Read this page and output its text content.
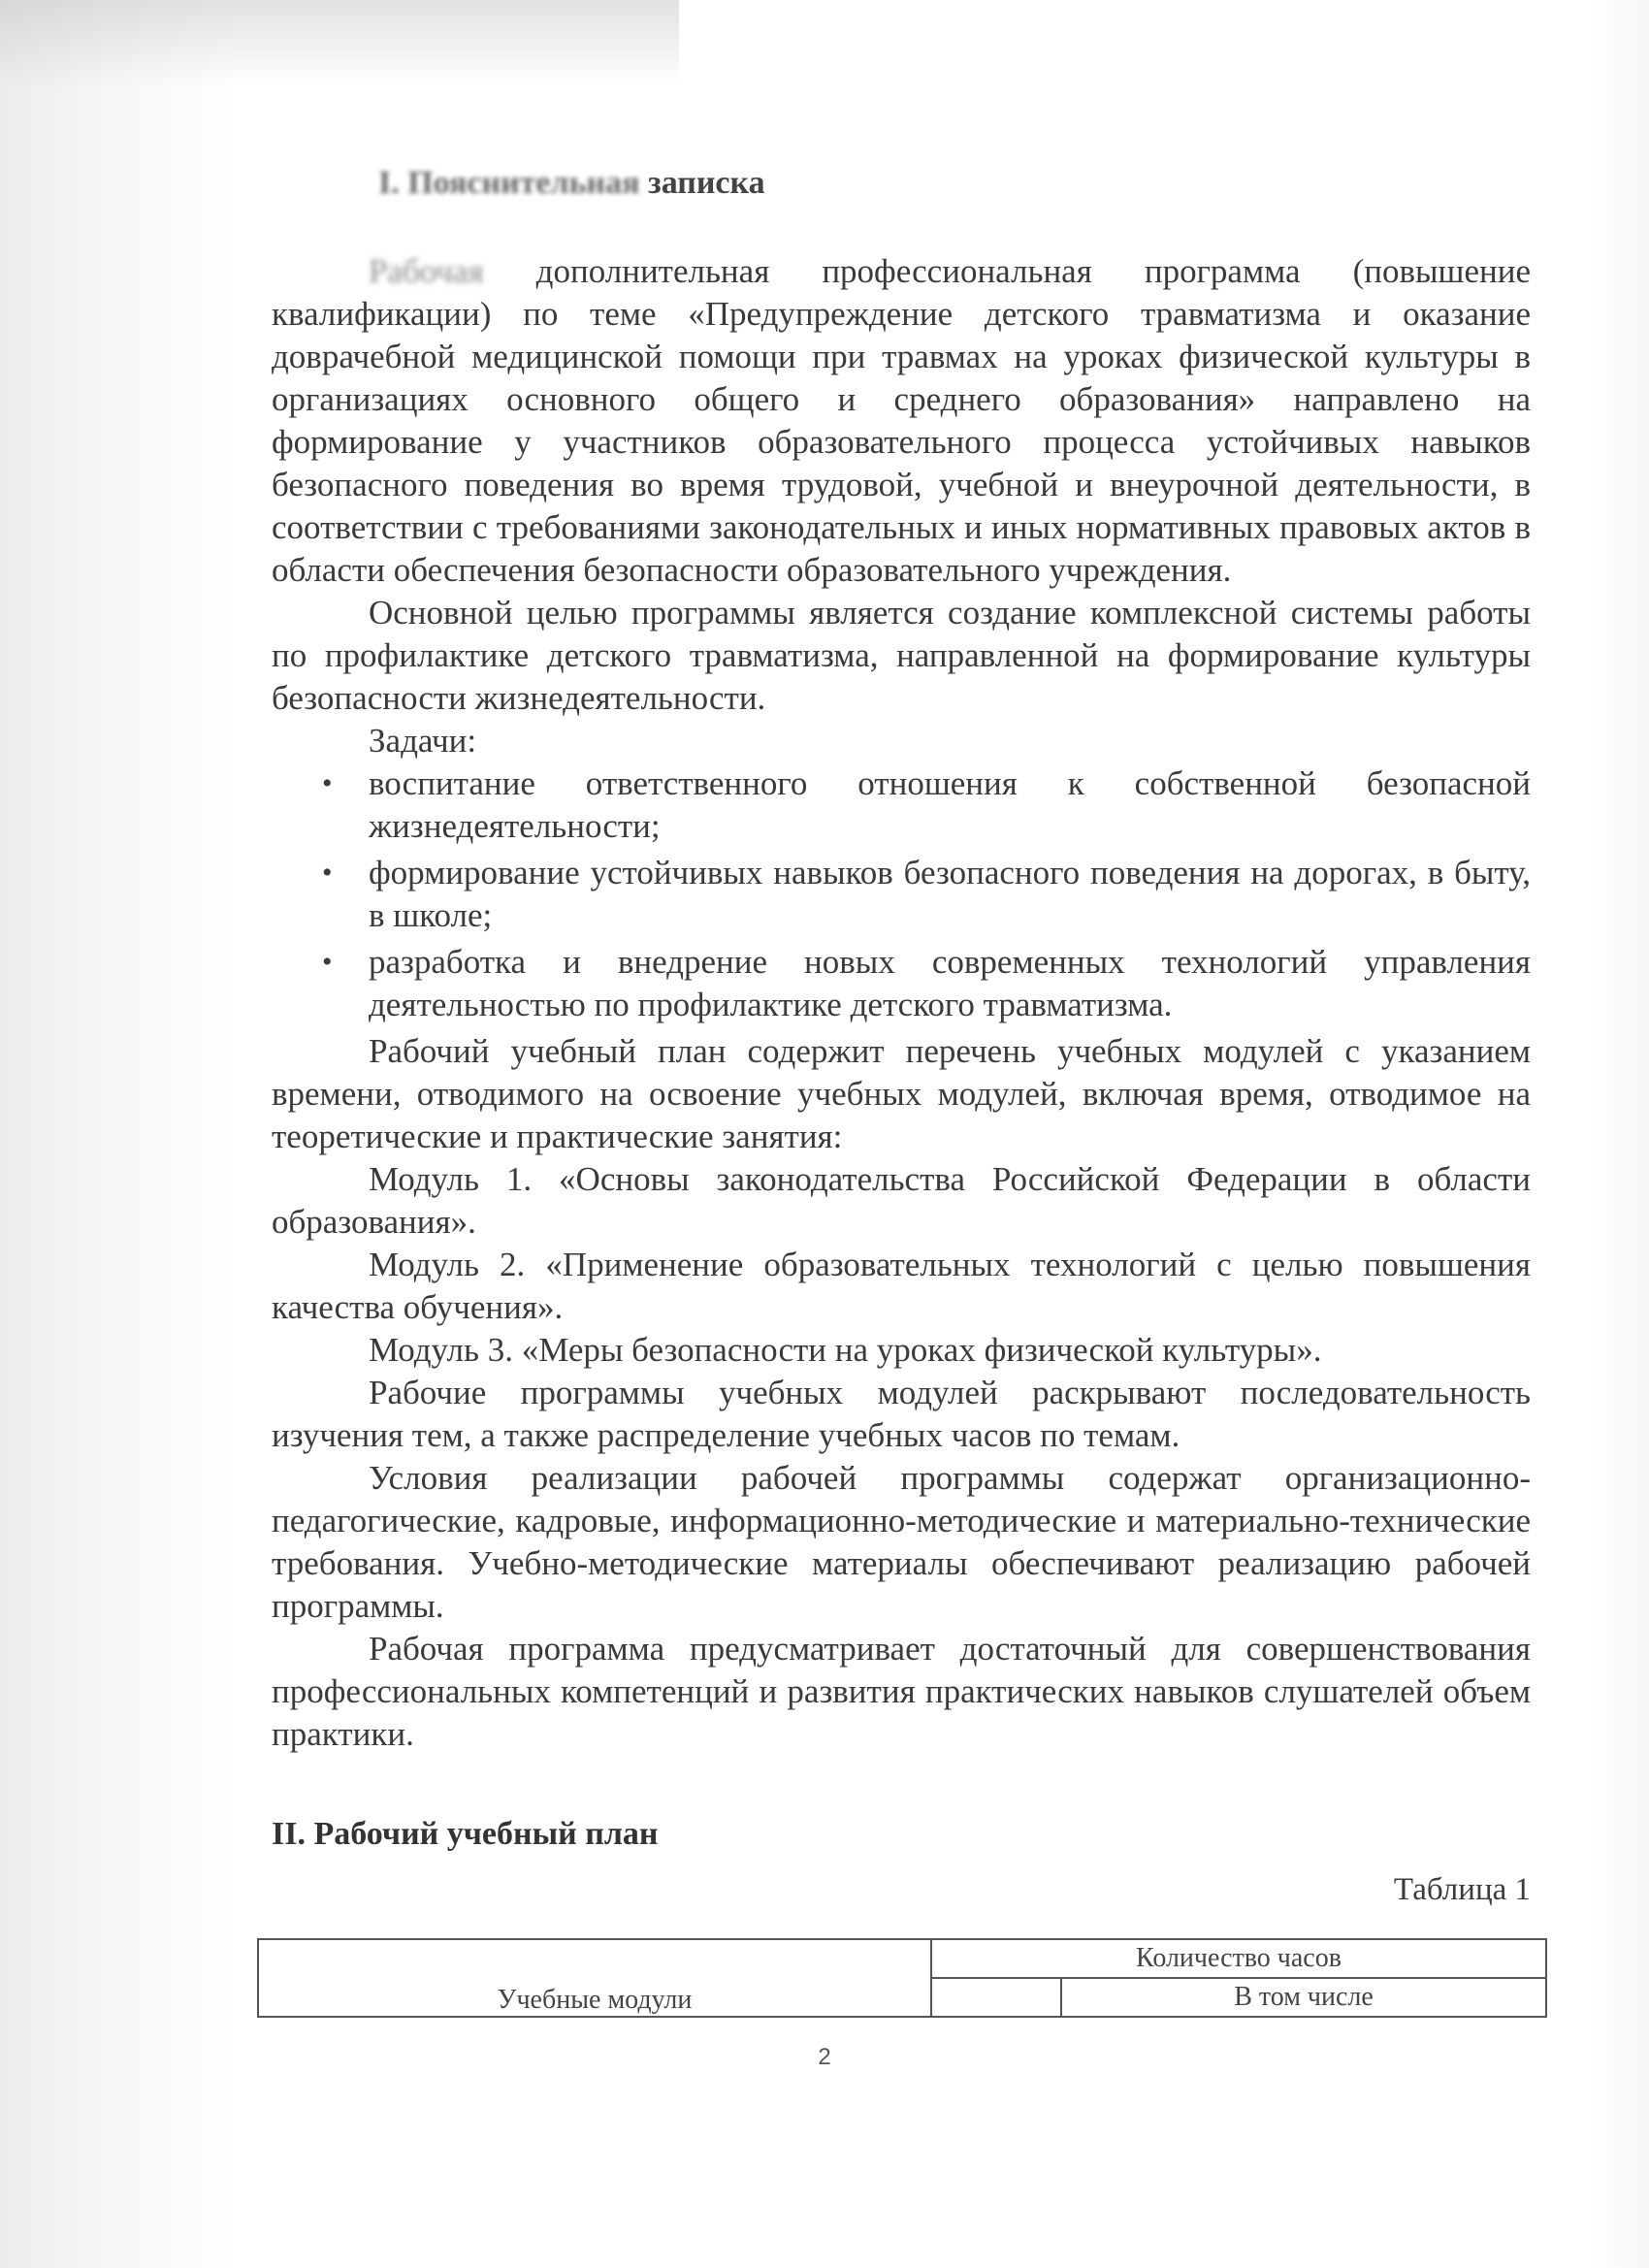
I. Пояснительная записка

Рабочая дополнительная профессиональная программа (повышение квалификации) по теме «Предупреждение детского травматизма и оказание доврачебной медицинской помощи при травмах на уроках физической культуры в организациях основного общего и среднего образования» направлено на формирование у участников образовательного процесса устойчивых навыков безопасного поведения во время трудовой, учебной и внеурочной деятельности, в соответствии с требованиями законодательных и иных нормативных правовых актов в области обеспечения безопасности образовательного учреждения.

Основной целью программы является создание комплексной системы работы по профилактике детского травматизма, направленной на формирование культуры безопасности жизнедеятельности.

Задачи:

• воспитание ответственного отношения к собственной безопасной жизнедеятельности;
• формирование устойчивых навыков безопасного поведения на дорогах, в быту, в школе;
• разработка и внедрение новых современных технологий управления деятельностью по профилактике детского травматизма.

Рабочий учебный план содержит перечень учебных модулей с указанием времени, отводимого на освоение учебных модулей, включая время, отводимое на теоретические и практические занятия:

Модуль 1. «Основы законодательства Российской Федерации в области образования».

Модуль 2. «Применение образовательных технологий с целью повышения качества обучения».

Модуль 3. «Меры безопасности на уроках физической культуры».

Рабочие программы учебных модулей раскрывают последовательность изучения тем, а также распределение учебных часов по темам.

Условия реализации рабочей программы содержат организационно-педагогические, кадровые, информационно-методические и материально-технические требования. Учебно-методические материалы обеспечивают реализацию рабочей программы.

Рабочая программа предусматривает достаточный для совершенствования профессиональных компетенций и развития практических навыков слушателей объем практики.

II. Рабочий учебный план
Таблица 1
Учебные модули	Количество часов	
		В том числе
2
